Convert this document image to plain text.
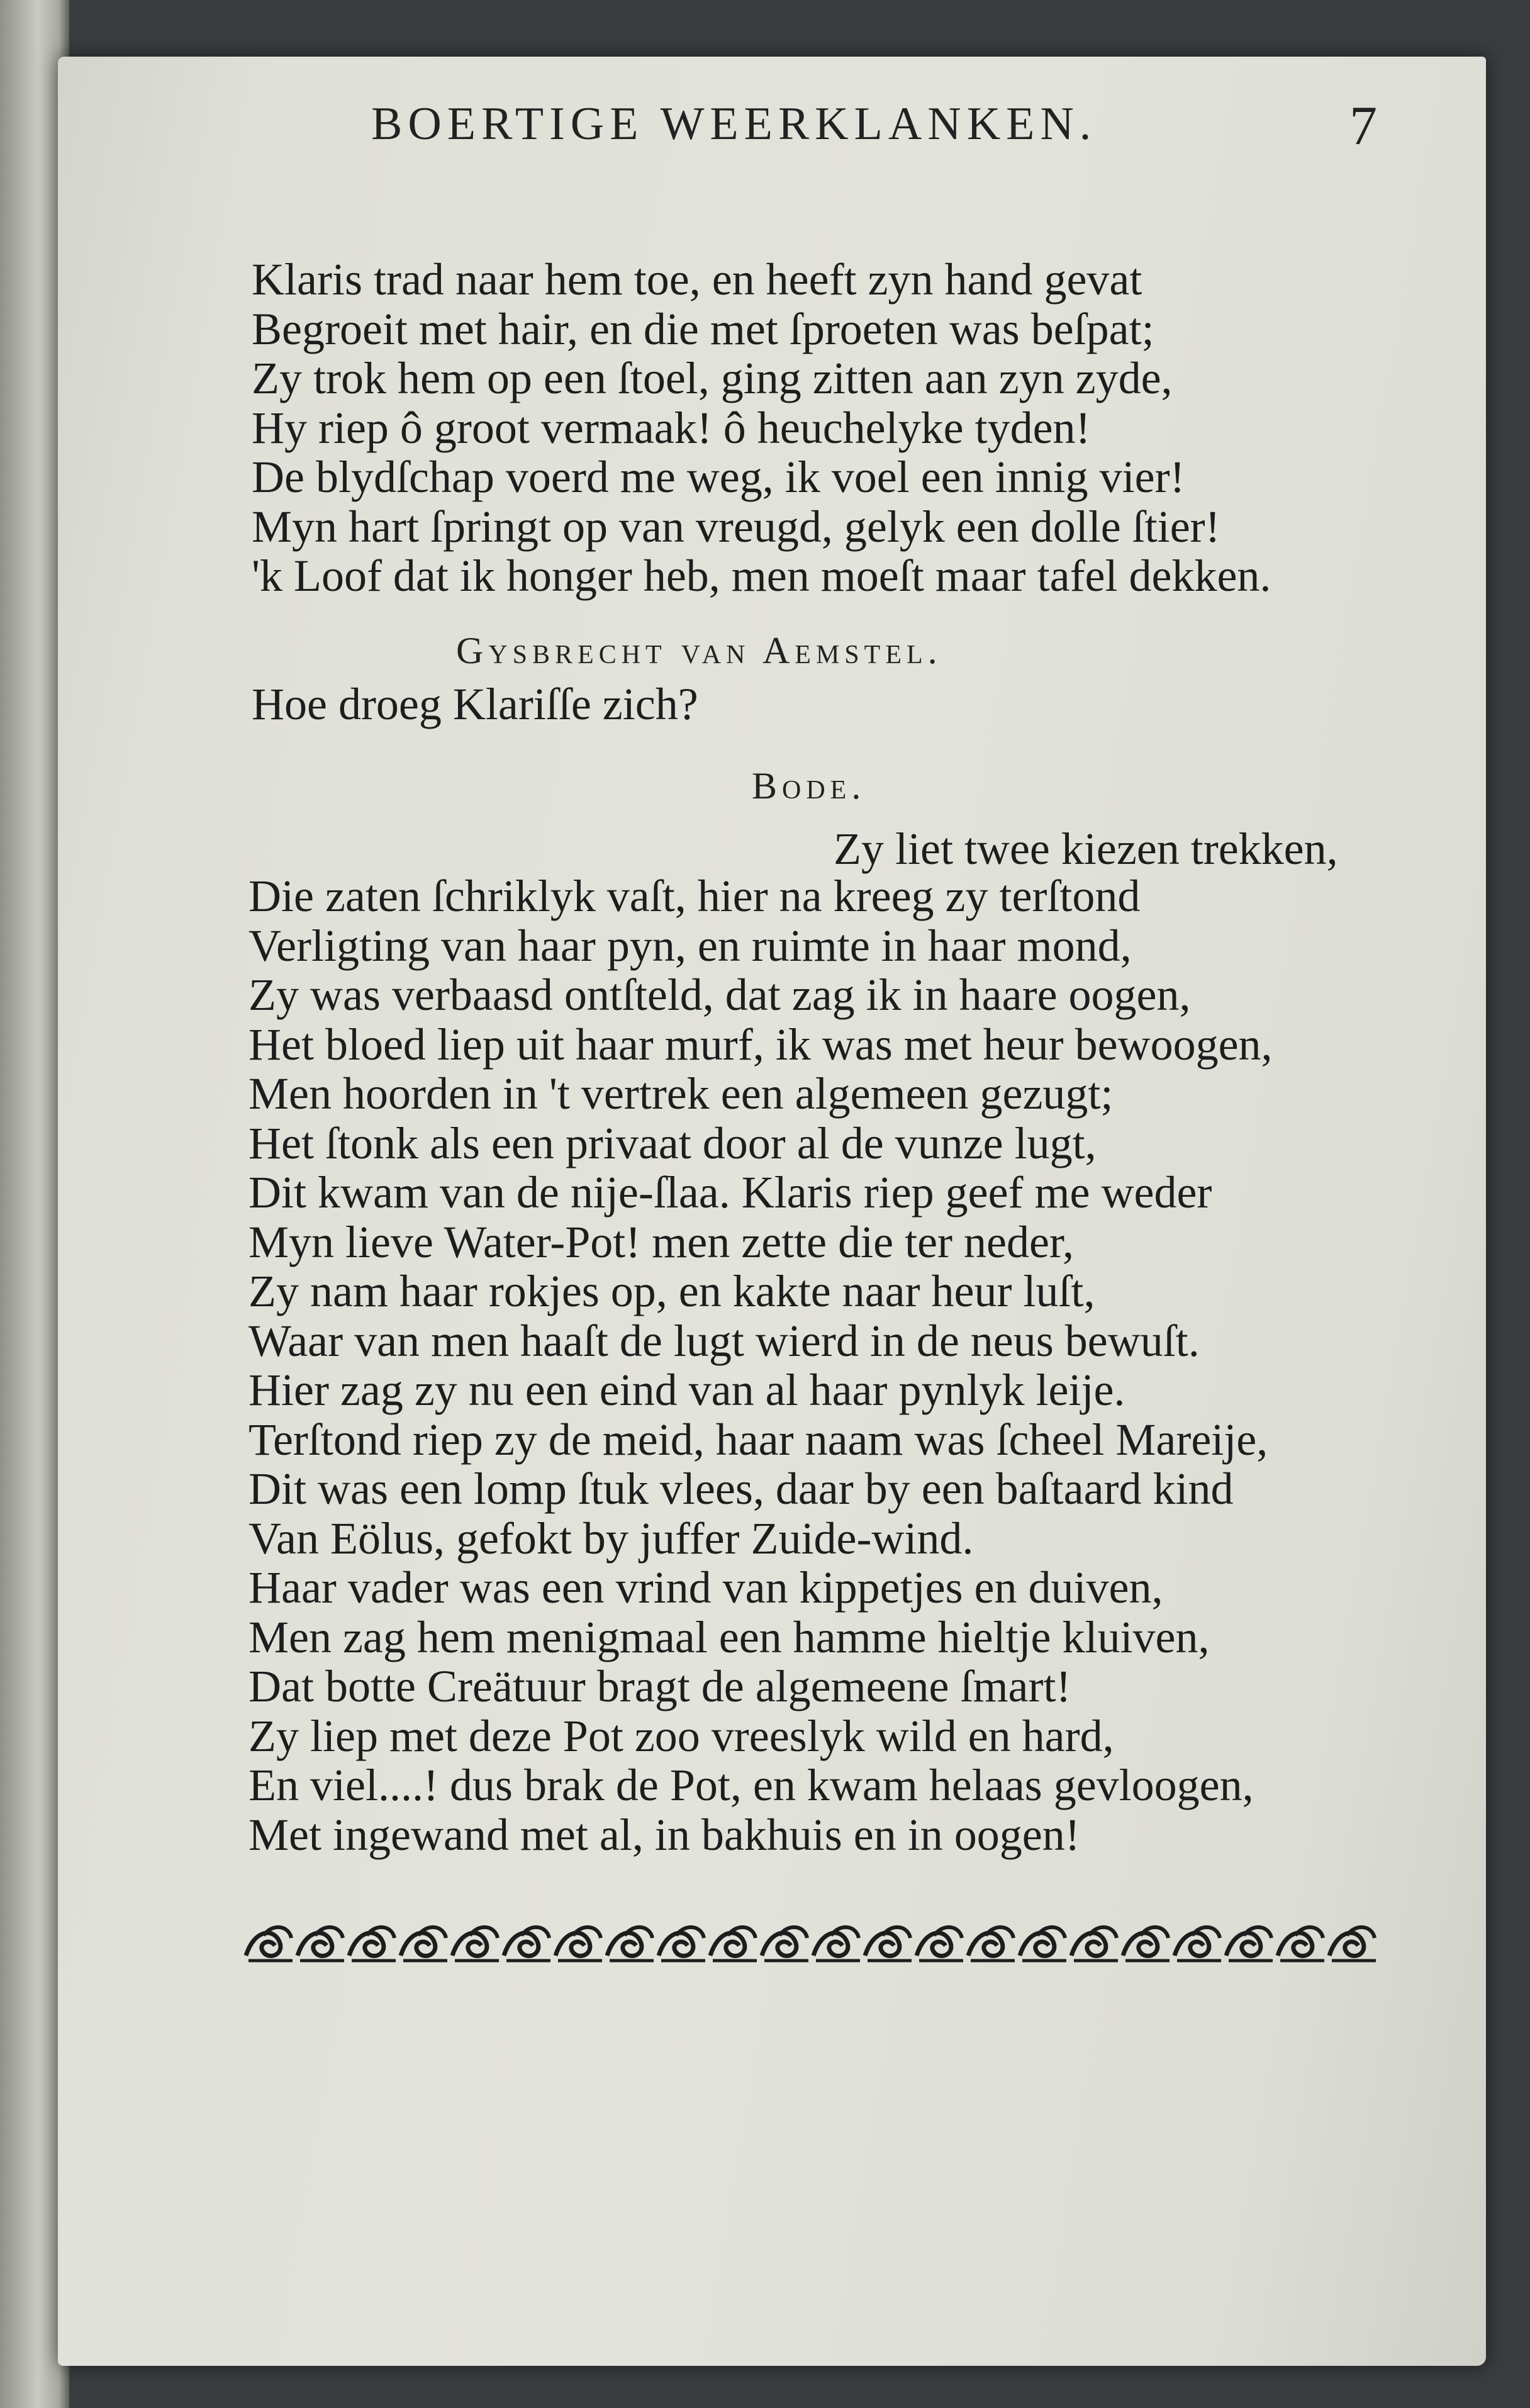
BOERTIGE WEERKLANKEN.	7
Klaris trad naar hem toe, en heeft zyn hand gevat
Begroeit met hair, en die met ſproeten was beſpat;
Zy trok hem op een ſtoel, ging zitten aan zyn zyde,
Hy riep ô groot vermaak! ô heuchelyke tyden!
De blydſchap voerd me weg, ik voel een innig vier!
Myn hart ſpringt op van vreugd, gelyk een dolle ſtier!
'k Loof dat ik honger heb, men moeſt maar tafel dekken.
Gysbrecht van Aemstel.
Hoe droeg Klariſſe zich?
Bode.
Zy liet twee kiezen trekken,
Die zaten ſchriklyk vaſt, hier na kreeg zy terſtond
Verligting van haar pyn, en ruimte in haar mond,
Zy was verbaasd ontſteld, dat zag ik in haare oogen,
Het bloed liep uit haar murf, ik was met heur bewoogen,
Men hoorden in 't vertrek een algemeen gezugt;
Het ſtonk als een privaat door al de vunze lugt,
Dit kwam van de nije-ſlaa. Klaris riep geef me weder
Myn lieve Water-Pot! men zette die ter neder,
Zy nam haar rokjes op, en kakte naar heur luſt,
Waar van men haaſt de lugt wierd in de neus bewuſt.
Hier zag zy nu een eind van al haar pynlyk leije.
Terſtond riep zy de meid, haar naam was ſcheel Mareije,
Dit was een lomp ſtuk vlees, daar by een baſtaard kind
Van Eölus, gefokt by juffer Zuide-wind.
Haar vader was een vrind van kippetjes en duiven,
Men zag hem menigmaal een hamme hieltje kluiven,
Dat botte Creätuur bragt de algemeene ſmart!
Zy liep met deze Pot zoo vreeslyk wild en hard,
En viel....! dus brak de Pot, en kwam helaas gevloogen,
Met ingewand met al, in bakhuis en in oogen!
